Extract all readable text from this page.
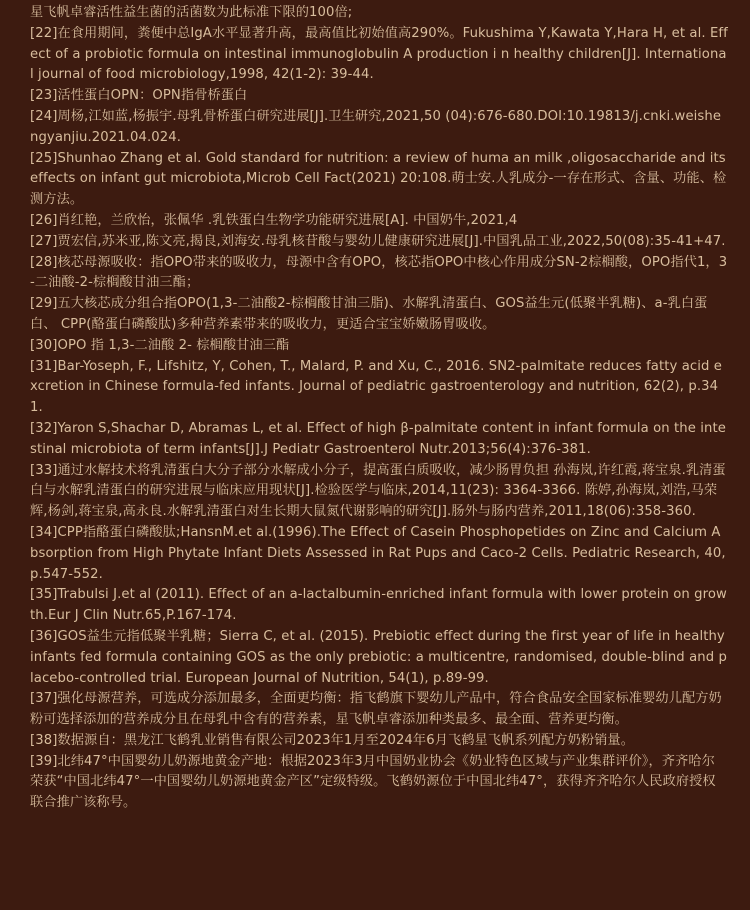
星飞帆卓睿活性益生菌的活菌数为此标准下限的100倍;

[22]在食用期间，粪便中总IgA水平显著升高，最高值比初始值高290%。Fukushima Y,Kawata Y,Hara H, et al. Effect of a probiotic formula on intestinal immunoglobulin A production i n healthy children[J]. International journal of food microbiology,1998, 42(1-2): 39-44.

[23]活性蛋白OPN：OPN指骨桥蛋白

[24]周杨,江如蓝,杨振宇.母乳骨桥蛋白研究进展[J].卫生研究,2021,50 (04):676-680.DOI:10.19813/j.cnki.weishengyanjiu.2021.04.024.

[25]Shunhao Zhang et al. Gold standard for nutrition: a review of huma an milk ,oligosaccharide and its effects on infant gut microbiota,Microb Cell Fact(2021) 20:108.萌士安.人乳成分-一存在形式、含量、功能、检测方法。

[26]肖红艳，兰欣怡，张佩华 .乳铁蛋白生物学功能研究进展[A]. 中国奶牛,2021,4

[27]贾宏信,苏米亚,陈文亮,揭良,刘海安.母乳核苷酸与婴幼儿健康研究进展[J].中国乳品工业,2022,50(08):35-41+47.

[28]核芯母源吸收：指OPO带来的吸收力，母源中含有OPO，核芯指OPO中核心作用成分SN-2棕榈酸，OPO指代1，3-二油酸-2-棕榈酸甘油三酯；

[29]五大核芯成分组合指OPO(1,3-二油酸2-棕榈酸甘油三脂)、水解乳清蛋白、GOS益生元(低聚半乳糖)、a-乳白蛋白、 CPP(酪蛋白磷酸肽)多种营养素带来的吸收力，更适合宝宝娇嫩肠胃吸收。

[30]OPO 指 1,3-二油酸 2- 棕榈酸甘油三酯

[31]Bar-Yoseph, F., Lifshitz, Y, Cohen, T., Malard, P. and Xu, C., 2016. SN2-palmitate reduces fatty acid excretion in Chinese formula-fed infants. Journal of pediatric gastroenterology and nutrition, 62(2), p.341.

[32]Yaron S,Shachar D, Abramas L, et al. Effect of high β-palmitate content in infant formula on the intestinal microbiota of term infants[J].J Pediatr Gastroenterol Nutr.2013;56(4):376-381.

[33]通过水解技术将乳清蛋白大分子部分水解成小分子，提高蛋白质吸收，减少肠胃负担 孙海岚,许红霞,蒋宝泉.乳清蛋白与水解乳清蛋白的研究进展与临床应用现状[J].检验医学与临床,2014,11(23): 3364-3366. 陈婷,孙海岚,刘浩,马荣辉,杨剑,蒋宝泉,高永良.水解乳清蛋白对生长期大鼠氮代谢影响的研究[J].肠外与肠内营养,2011,18(06):358-360.

[34]CPP指酪蛋白磷酸肽;HansnM.et al.(1996).The Effect of Casein Phosphopetides on Zinc and Calcium Absorption from High Phytate Infant Diets Assessed in Rat Pups and Caco-2 Cells. Pediatric Research, 40,p.547-552.

[35]Trabulsi J.et al (2011). Effect of an a-lactalbumin-enriched infant formula with lower protein on growth.Eur J Clin Nutr.65,P.167-174.

[36]GOS益生元指低聚半乳糖；Sierra C, et al. (2015). Prebiotic effect during the first year of life in healthy infants fed formula containing GOS as the only prebiotic: a multicentre, randomised, double-blind and placebo-controlled trial. European Journal of Nutrition, 54(1), p.89-99.

[37]强化母源营养，可选成分添加最多，全面更均衡：指飞鹤旗下婴幼儿产品中，符合食品安全国家标准婴幼儿配方奶粉可选择添加的营养成分且在母乳中含有的营养素，星飞帆卓睿添加种类最多、最全面、营养更均衡。

[38]数据源自：黑龙江飞鹤乳业销售有限公司2023年1月至2024年6月飞鹤星飞帆系列配方奶粉销量。

[39]北纬47°中国婴幼儿奶源地黄金产地：根据2023年3月中国奶业协会《奶业特色区域与产业集群评价》，齐齐哈尔荣获“中国北纬47°一中国婴幼儿奶源地黄金产区”定级特级。飞鹤奶源位于中国北纬47°，获得齐齐哈尔人民政府授权联合推广该称号。
